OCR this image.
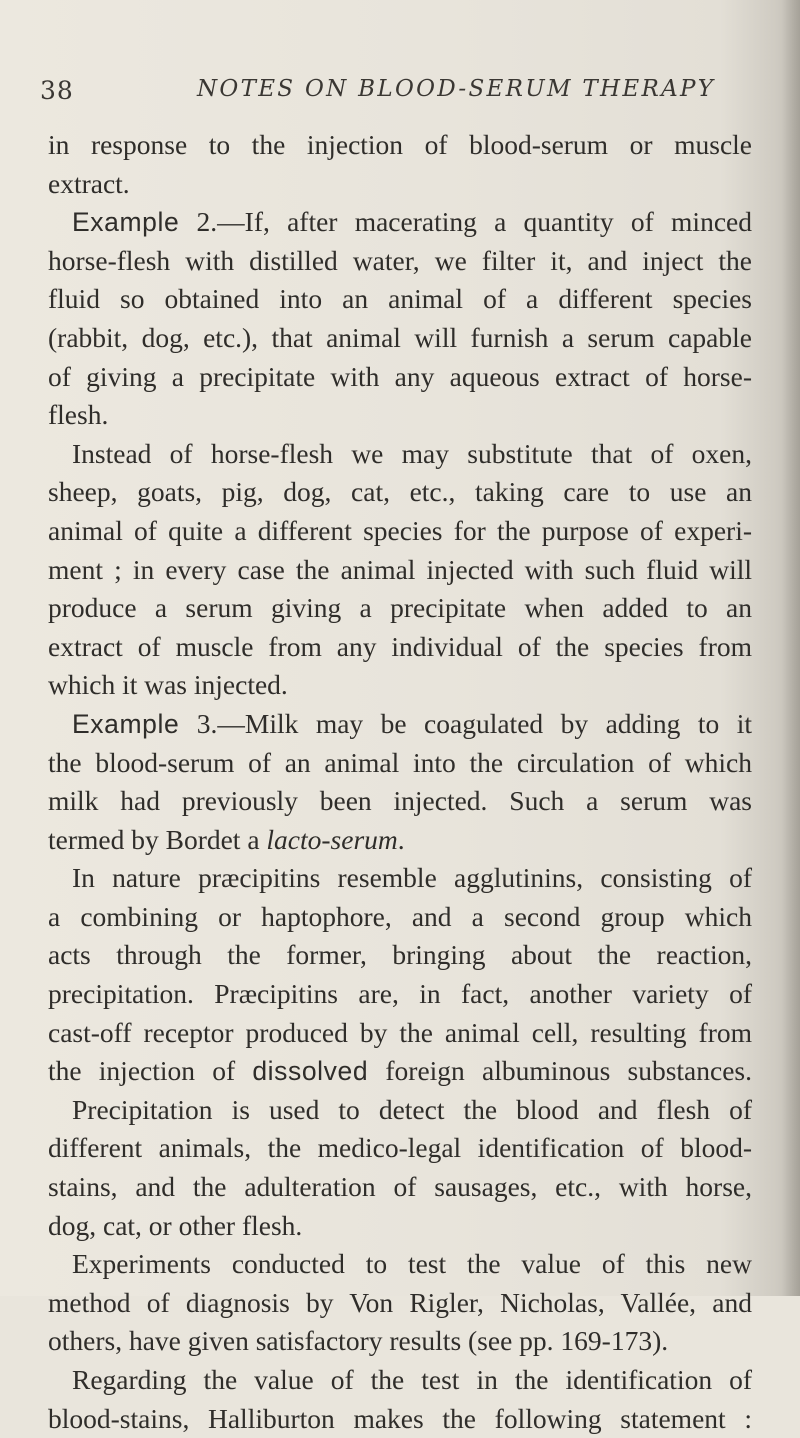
38	NOTES ON BLOOD-SERUM THERAPY
in response to the injection of blood-serum or muscle
extract.
Example 2.—If, after macerating a quantity of minced
horse-flesh with distilled water, we filter it, and inject the
fluid so obtained into an animal of a different species
(rabbit, dog, etc.), that animal will furnish a serum capable
of giving a precipitate with any aqueous extract of horse-
flesh.
Instead of horse-flesh we may substitute that of oxen,
sheep, goats, pig, dog, cat, etc., taking care to use an
animal of quite a different species for the purpose of experi-
ment ; in every case the animal injected with such fluid will
produce a serum giving a precipitate when added to an
extract of muscle from any individual of the species from
which it was injected.
Example 3.—Milk may be coagulated by adding to it
the blood-serum of an animal into the circulation of which
milk had previously been injected. Such a serum was
termed by Bordet a lacto-serum.
In nature præcipitins resemble agglutinins, consisting of
a combining or haptophore, and a second group which
acts through the former, bringing about the reaction,
precipitation. Præcipitins are, in fact, another variety of
cast-off receptor produced by the animal cell, resulting from
the injection of dissolved foreign albuminous substances.
Precipitation is used to detect the blood and flesh of
different animals, the medico-legal identification of blood-
stains, and the adulteration of sausages, etc., with horse,
dog, cat, or other flesh.
Experiments conducted to test the value of this new
method of diagnosis by Von Rigler, Nicholas, Vallée, and
others, have given satisfactory results (see pp. 169-173).
Regarding the value of the test in the identification of
blood-stains, Halliburton makes the following statement :
